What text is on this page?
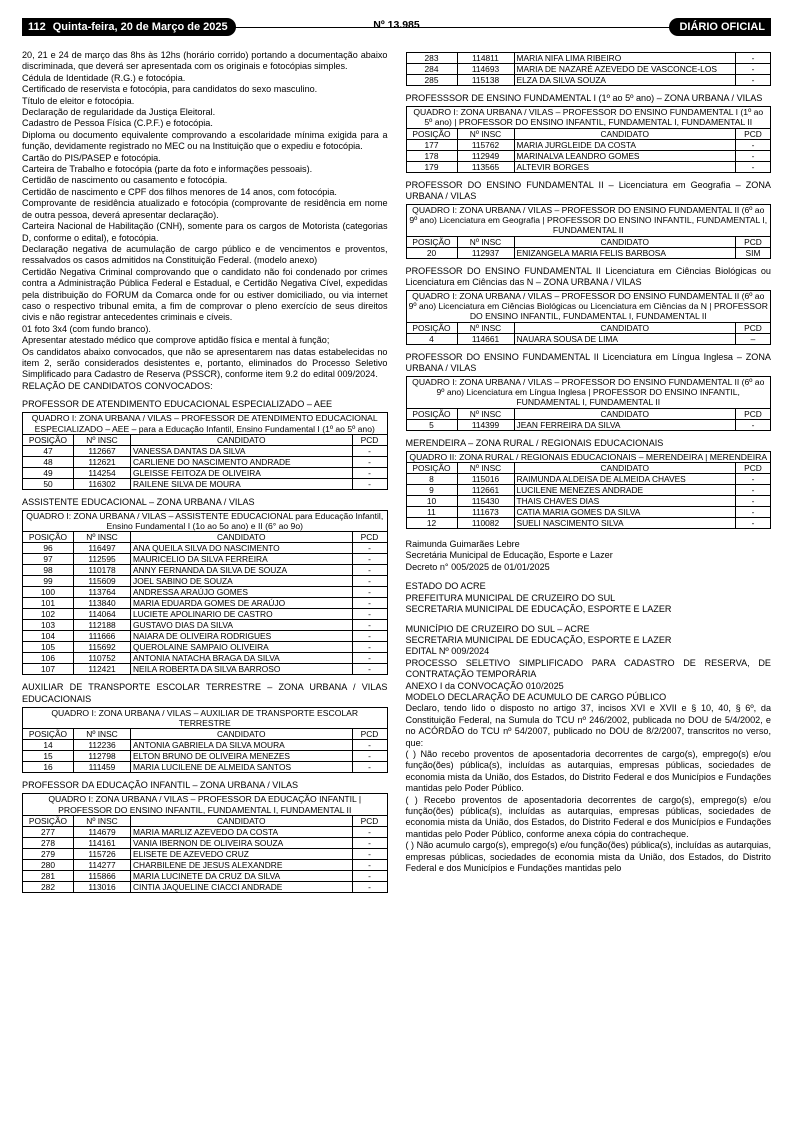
112 Quinta-feira, 20 de Março de 2025	Nº 13.985	DIÁRIO OFICIAL

20, 21 e 24 de março das 8hs às 12hs (horário corrido) portando a documentação abaixo discriminada, que deverá ser apresentada com os originais e fotocópias simples.

Cédula de Identidade (R.G.) e fotocópia.

Certificado de reservista e fotocópia, para candidatos do sexo masculino.

Título de eleitor e fotocópia.

Declaração de regularidade da Justiça Eleitoral.

Cadastro de Pessoa Física (C.P.F.) e fotocópia.

Diploma ou documento equivalente comprovando a escolaridade mínima exigida para a função, devidamente registrado no MEC ou na Instituição que o expediu e fotocópia.

Cartão do PIS/PASEP e fotocópia.

Carteira de Trabalho e fotocópia (parte da foto e informações pessoais).

Certidão de nascimento ou casamento e fotocópia.

Certidão de nascimento e CPF dos filhos menores de 14 anos, com fotocópia.

Comprovante de residência atualizado e fotocópia (comprovante de residência em nome de outra pessoa, deverá apresentar declaração).

Carteira Nacional de Habilitação (CNH), somente para os cargos de Motorista (categorias D, conforme o edital), e fotocópia.

Declaração negativa de acumulação de cargo público e de vencimentos e proventos, ressalvados os casos admitidos na Constituição Federal. (modelo anexo)

Certidão Negativa Criminal comprovando que o candidato não foi condenado por crimes contra a Administração Pública Federal e Estadual, e Certidão Negativa Cível, expedidas pela distribuição do FORUM da Comarca onde for ou estiver domiciliado, ou via internet caso o respectivo tribunal emita, a fim de comprovar o pleno exercício de seus direitos civis e não registrar antecedentes criminais e cíveis.

01 foto 3x4 (com fundo branco).

Apresentar atestado médico que comprove aptidão física e mental à função;

Os candidatos abaixo convocados, que não se apresentarem nas datas estabelecidas no item 2, serão considerados desistentes e, portanto, eliminados do Processo Seletivo Simplificado para Cadastro de Reserva (PSSCR), conforme item 9.2 do edital 009/2024.

RELAÇÃO DE CANDIDATOS CONVOCADOS:

PROFESSOR DE ATENDIMENTO EDUCACIONAL ESPECIALIZADO – AEE

QUADRO I: ZONA URBANA / VILAS – PROFESSOR DE ATENDIMENTO EDUCACIONAL ESPECIALIZADO – AEE – para a Educação Infantil, Ensino Fundamental I (1º ao 5º ano)			
POSIÇÃO	Nº INSC	CANDIDATO	PCD
47	112667	VANESSA DANTAS DA SILVA	-
48	112621	CARLIENE DO NASCIMENTO ANDRADE	-
49	114254	GLEISSE FEITOZA DE OLIVEIRA	-
50	116302	RAILENE SILVA DE MOURA	-

ASSISTENTE EDUCACIONAL – ZONA URBANA / VILAS

QUADRO I: ZONA URBANA / VILAS – ASSISTENTE EDUCACIONAL para Educação Infantil, Ensino Fundamental I (1o ao 5o ano) e II (6° ao 9o)			
POSIÇÃO	Nº INSC	CANDIDATO	PCD
96	116497	ANA QUEILA SILVA DO NASCIMENTO	-
97	112595	MAURICELIO DA SILVA FERREIRA	-
98	110178	ANNY FERNANDA DA SILVA DE SOUZA	-
99	115609	JOEL SABINO DE SOUZA	-
100	113764	ANDRESSA ARAÚJO GOMES	-
101	113840	MARIA EDUARDA GOMES DE ARAÚJO	-
102	114064	LUCIETE APOLINARIO DE CASTRO	-
103	112188	GUSTAVO DIAS DA SILVA	-
104	111666	NAIARA DE OLIVEIRA RODRIGUES	-
105	115692	QUEROLAINE SAMPAIO OLIVEIRA	-
106	110752	ANTONIA NATACHA BRAGA DA SILVA	-
107	112421	NEILA ROBERTA DA SILVA BARROSO	-

AUXILIAR DE TRANSPORTE ESCOLAR TERRESTRE – ZONA URBANA / VILAS EDUCACIONAIS

QUADRO I: ZONA URBANA / VILAS – AUXILIAR DE TRANSPORTE ESCOLAR TERRESTRE			
POSIÇÃO	Nº INSC	CANDIDATO	PCD
14	112236	ANTONIA GABRIELA DA SILVA MOURA	-
15	112798	ELTON BRUNO DE OLIVEIRA MENEZES	-
16	111459	MARIA LUCILENE DE ALMEIDA SANTOS	-

PROFESSOR DA EDUCAÇÃO INFANTIL – ZONA URBANA / VILAS

QUADRO I: ZONA URBANA / VILAS – PROFESSOR DA EDUCAÇÃO INFANTIL | PROFESSOR DO ENSINO INFANTIL, FUNDAMENTAL I, FUNDAMENTAL II			
POSIÇÃO	Nº INSC	CANDIDATO	PCD
277	114679	MARIA MARLIZ AZEVEDO DA COSTA	-
278	114161	VANIA IBERNON DE OLIVEIRA SOUZA	-
279	115726	ELISETE DE AZEVEDO CRUZ	-
280	114277	CHARBILENE DE JESUS ALEXANDRE	-
281	115866	MARIA LUCINETE DA CRUZ DA SILVA	-
282	113016	CINTIA JAQUELINE CIACCI ANDRADE	-
283	114811	MARIA NIFA LIMA RIBEIRO	-
284	114693	MARIA DE NAZARÉ AZEVEDO DE VASCONCE-LOS	-
285	115138	ELZA DA SILVA SOUZA	-

PROFESSSOR DE ENSINO FUNDAMENTAL I (1º ao 5º ano) – ZONA URBANA / VILAS

QUADRO I: ZONA URBANA / VILAS – PROFESSOR DO ENSINO FUNDAMENTAL I (1º ao 5º ano) | PROFESSOR DO ENSINO INFANTIL, FUNDAMENTAL I, FUNDAMENTAL II			
POSIÇÃO	Nº INSC	CANDIDATO	PCD
177	115762	MARIA JURGLEIDE DA COSTA	-
178	112949	MARINALVA LEANDRO GOMES	-
179	113565	ALTEVIR BORGES	-

PROFESSOR DO ENSINO FUNDAMENTAL II – Licenciatura em Geografia – ZONA URBANA / VILAS

QUADRO I: ZONA URBANA / VILAS – PROFESSOR DO ENSINO FUNDAMENTAL II (6º ao 9º ano) Licenciatura em Geografia | PROFESSOR DO ENSINO INFANTIL, FUNDAMENTAL I, FUNDAMENTAL II			
POSIÇÃO	Nº INSC	CANDIDATO	PCD
20	112937	ENIZANGELA MARIA FELIS BARBOSA	SIM

PROFESSOR DO ENSINO FUNDAMENTAL II Licenciatura em Ciências Biológicas ou Licenciatura em Ciências das N – ZONA URBANA / VILAS

QUADRO I: ZONA URBANA / VILAS – PROFESSOR DO ENSINO FUNDAMENTAL II (6º ao 9º ano) Licenciatura em Ciências Biológicas ou Licenciatura em Ciências da N | PROFESSOR DO ENSINO INFANTIL, FUNDAMENTAL I, FUNDAMENTAL II			
POSIÇÃO	Nº INSC	CANDIDATO	PCD
4	114661	NAUARA SOUSA DE LIMA	–

PROFESSOR DO ENSINO FUNDAMENTAL II Licenciatura em Língua Inglesa – ZONA URBANA / VILAS

QUADRO I: ZONA URBANA / VILAS – PROFESSOR DO ENSINO FUNDAMENTAL II (6º ao 9º ano) Licenciatura em Língua Inglesa | PROFESSOR DO ENSINO INFANTIL, FUNDAMENTAL I, FUNDAMENTAL II			
POSIÇÃO	Nº INSC	CANDIDATO	PCD
5	114399	JEAN FERREIRA DA SILVA	-

MERENDEIRA – ZONA RURAL / REGIONAIS EDUCACIONAIS

QUADRO II: ZONA RURAL / REGIONAIS EDUCACIONAIS – MERENDEIRA | MERENDEIRA			
POSIÇÃO	Nº INSC	CANDIDATO	PCD
8	115016	RAIMUNDA ALDEISA DE ALMEIDA CHAVES	-
9	112661	LUCILENE MENEZES ANDRADE	-
10	115430	THAIS CHAVES DIAS	-
11	111673	CATIA MARIA GOMES DA SILVA	-
12	110082	SUELI NASCIMENTO SILVA	-

Raimunda Guimarães Lebre

Secretária Municipal de Educação, Esporte e Lazer

Decreto n° 005/2025 de 01/01/2025

ESTADO DO ACRE

PREFEITURA MUNICIPAL DE CRUZEIRO DO SUL

SECRETARIA MUNICIPAL DE EDUCAÇÃO, ESPORTE E LAZER

MUNICÍPIO DE CRUZEIRO DO SUL – ACRE

SECRETARIA MUNICIPAL DE EDUCAÇÃO, ESPORTE E LAZER

EDITAL Nº 009/2024

PROCESSO SELETIVO SIMPLIFICADO PARA CADASTRO DE RESERVA, DE CONTRATAÇÃO TEMPORÁRIA

ANEXO I da CONVOCAÇÃO 010/2025

MODELO DECLARAÇÃO DE ACUMULO DE CARGO PÚBLICO

Declaro, tendo lido o disposto no artigo 37, incisos XVI e XVII e § 10, 40, § 6º, da Constituição Federal, na Sumula do TCU nº 246/2002, publicada no DOU de 5/4/2002, e no ACÓRDÃO do TCU nº 54/2007, publicado no DOU de 8/2/2007, transcritos no verso, que:

( ) Não recebo proventos de aposentadoria decorrentes de cargo(s), emprego(s) e/ou função(ões) pública(s), incluídas as autarquias, empresas públicas, sociedades de economia mista da União, dos Estados, do Distrito Federal e dos Municípios e Fundações mantidas pelo Poder Público.

( ) Recebo proventos de aposentadoria decorrentes de cargo(s), emprego(s) e/ou função(ões) pública(s), incluídas as autarquias, empresas públicas, sociedades de economia mista da União, dos Estados, do Distrito Federal e dos Municípios e Fundações mantidas pelo Poder Público, conforme anexa cópia do contracheque.

( ) Não acumulo cargo(s), emprego(s) e/ou função(ões) pública(s), incluídas as autarquias, empresas públicas, sociedades de economia mista da União, dos Estados, do Distrito Federal e dos Municípios e Fundações mantidas pelo
